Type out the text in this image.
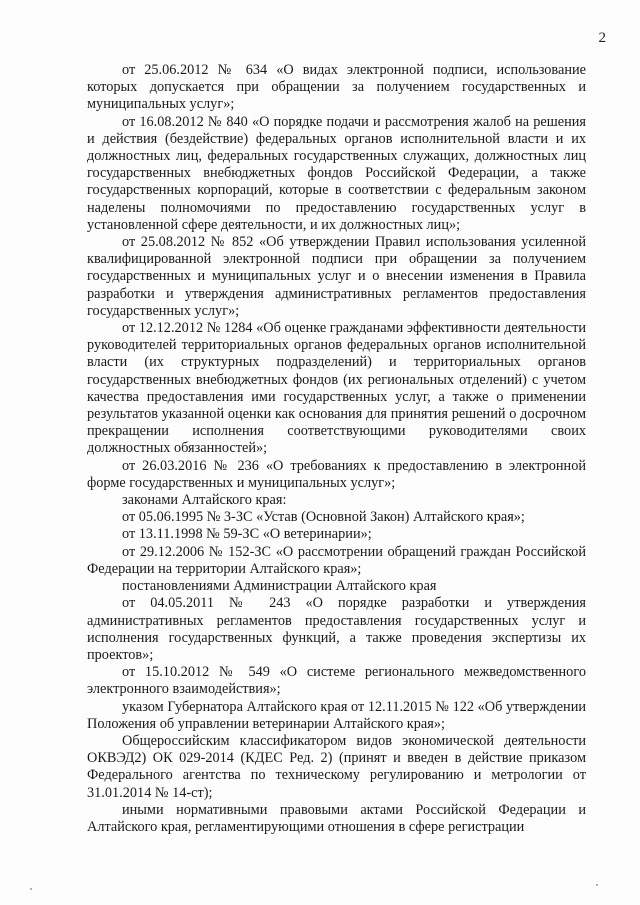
2

от 25.06.2012 № 634 «О видах электронной подписи, использование которых допускается при обращении за получением государственных и муниципальных услуг»;

от 16.08.2012 № 840 «О порядке подачи и рассмотрения жалоб на решения и действия (бездействие) федеральных органов исполнительной власти и их должностных лиц, федеральных государственных служащих, должностных лиц государственных внебюджетных фондов Российской Федерации, а также государственных корпораций, которые в соответствии с федеральным законом наделены полномочиями по предоставлению государственных услуг в установленной сфере деятельности, и их должностных лиц»;

от 25.08.2012 № 852 «Об утверждении Правил использования усиленной квалифицированной электронной подписи при обращении за получением государственных и муниципальных услуг и о внесении изменения в Правила разработки и утверждения административных регламентов предоставления государственных услуг»;

от 12.12.2012 № 1284 «Об оценке гражданами эффективности деятельности руководителей территориальных органов федеральных органов исполнительной власти (их структурных подразделений) и территориальных органов государственных внебюджетных фондов (их региональных отделений) с учетом качества предоставления ими государственных услуг, а также о применении результатов указанной оценки как основания для принятия решений о досрочном прекращении исполнения соответствующими руководителями своих должностных обязанностей»;

от 26.03.2016 № 236 «О требованиях к предоставлению в электронной форме государственных и муниципальных услуг»;

законами Алтайского края:

от 05.06.1995 № 3-ЗС «Устав (Основной Закон) Алтайского края»;

от 13.11.1998 № 59-ЗС «О ветеринарии»;

от 29.12.2006 № 152-ЗС «О рассмотрении обращений граждан Российской Федерации на территории Алтайского края»;

постановлениями Администрации Алтайского края

от 04.05.2011 № 243 «О порядке разработки и утверждения административных регламентов предоставления государственных услуг и исполнения государственных функций, а также проведения экспертизы их проектов»;

от 15.10.2012 № 549 «О системе регионального межведомственного электронного взаимодействия»;

указом Губернатора Алтайского края от 12.11.2015 № 122 «Об утверждении Положения об управлении ветеринарии Алтайского края»;

Общероссийским классификатором видов экономической деятельности ОКВЭД2) ОК 029-2014 (КДЕС Ред. 2) (принят и введен в действие приказом Федерального агентства по техническому регулированию и метрологии от 31.01.2014 № 14-ст);

иными нормативными правовыми актами Российской Федерации и Алтайского края, регламентирующими отношения в сфере регистрации
